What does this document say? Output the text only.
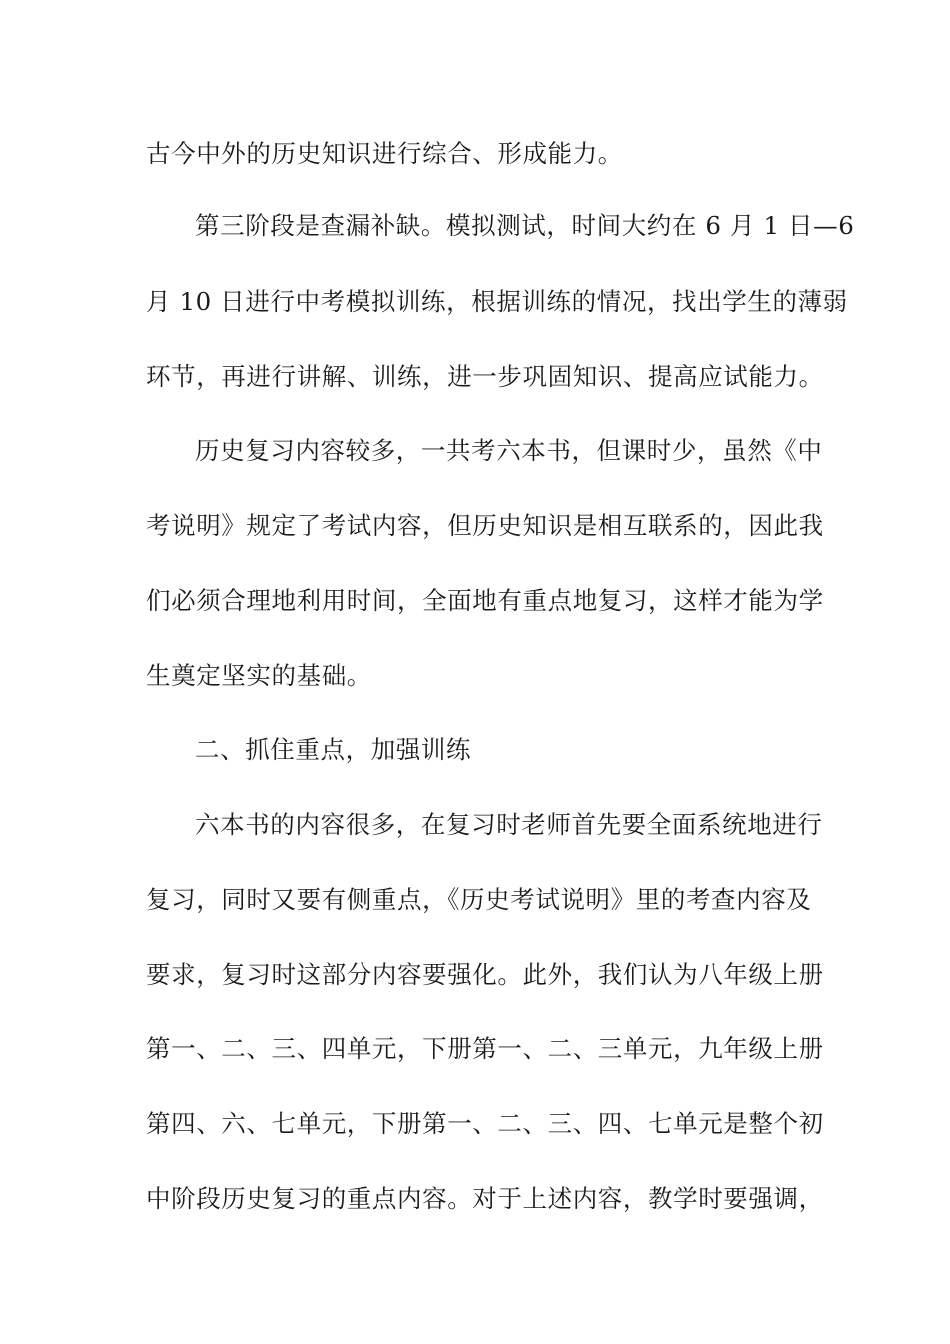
古今中外的历史知识进行综合、形成能力。
第三阶段是查漏补缺。模拟测试，时间大约在 6 月 1 日—6
月 10 日进行中考模拟训练，根据训练的情况，找出学生的薄弱
环节，再进行讲解、训练，进一步巩固知识、提高应试能力。
历史复习内容较多，一共考六本书，但课时少，虽然《中
考说明》规定了考试内容，但历史知识是相互联系的，因此我
们必须合理地利用时间，全面地有重点地复习，这样才能为学
生奠定坚实的基础。
二、抓住重点，加强训练
六本书的内容很多，在复习时老师首先要全面系统地进行
复习，同时又要有侧重点，《历史考试说明》里的考查内容及
要求，复习时这部分内容要强化。此外，我们认为八年级上册
第一、二、三、四单元，下册第一、二、三单元，九年级上册
第四、六、七单元，下册第一、二、三、四、七单元是整个初
中阶段历史复习的重点内容。对于上述内容，教学时要强调，
